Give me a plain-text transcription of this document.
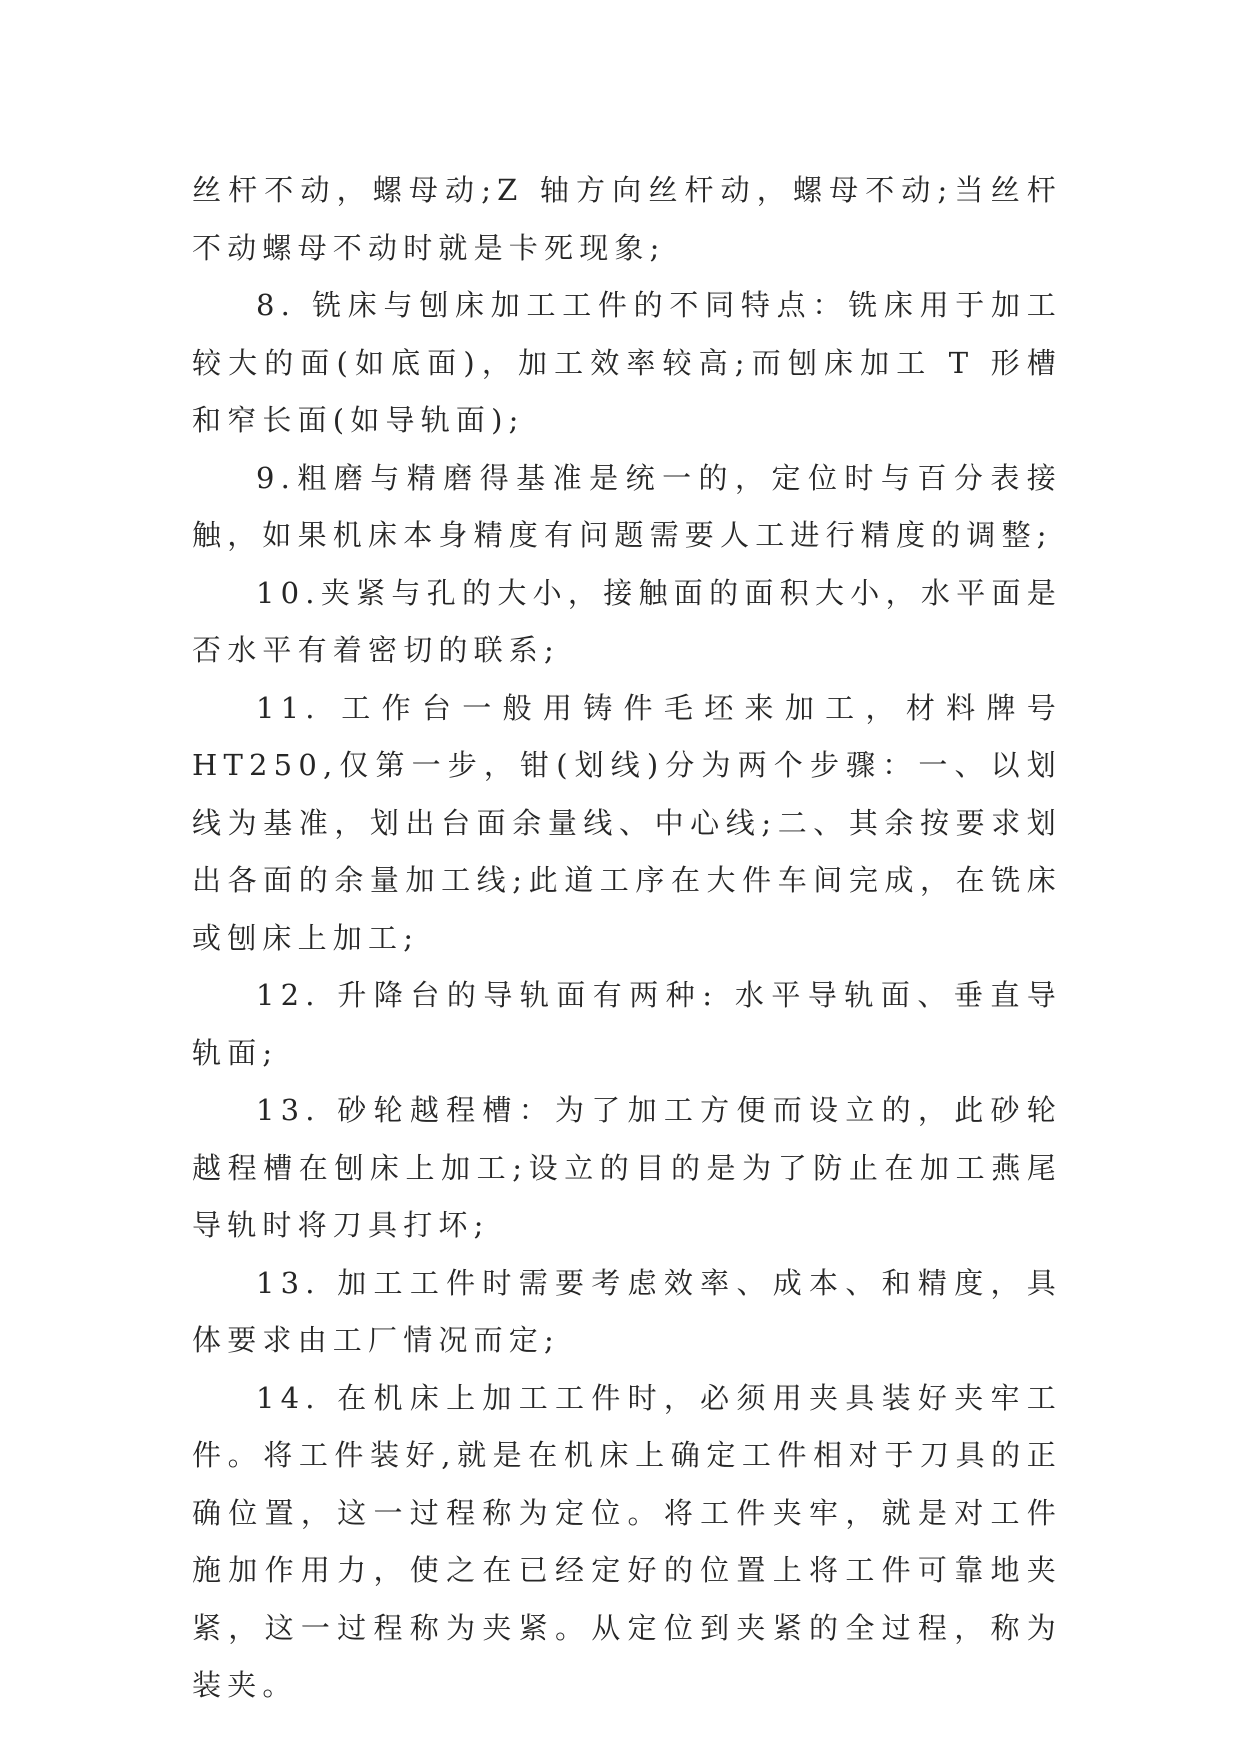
丝杆不动，螺母动;Z 轴方向丝杆动，螺母不动;当丝杆不动螺母不动时就是卡死现象;

8. 铣床与刨床加工工件的不同特点：铣床用于加工较大的面(如底面)，加工效率较高;而刨床加工 T 形槽和窄长面(如导轨面);

9.粗磨与精磨得基准是统一的，定位时与百分表接触，如果机床本身精度有问题需要人工进行精度的调整;

10.夹紧与孔的大小，接触面的面积大小，水平面是否水平有着密切的联系;

11. 工作台一般用铸件毛坯来加工，材料牌号 HT250,仅第一步，钳(划线)分为两个步骤：一、以划线为基准，划出台面余量线、中心线;二、其余按要求划出各面的余量加工线;此道工序在大件车间完成，在铣床或刨床上加工;

12. 升降台的导轨面有两种: 水平导轨面、垂直导轨面;

13. 砂轮越程槽：为了加工方便而设立的，此砂轮越程槽在刨床上加工;设立的目的是为了防止在加工燕尾导轨时将刀具打坏;

13. 加工工件时需要考虑效率、成本、和精度，具体要求由工厂情况而定;

14. 在机床上加工工件时，必须用夹具装好夹牢工件。将工件装好,就是在机床上确定工件相对于刀具的正确位置，这一过程称为定位。将工件夹牢，就是对工件施加作用力，使之在已经定好的位置上将工件可靠地夹紧，这一过程称为夹紧。从定位到夹紧的全过程，称为装夹。
